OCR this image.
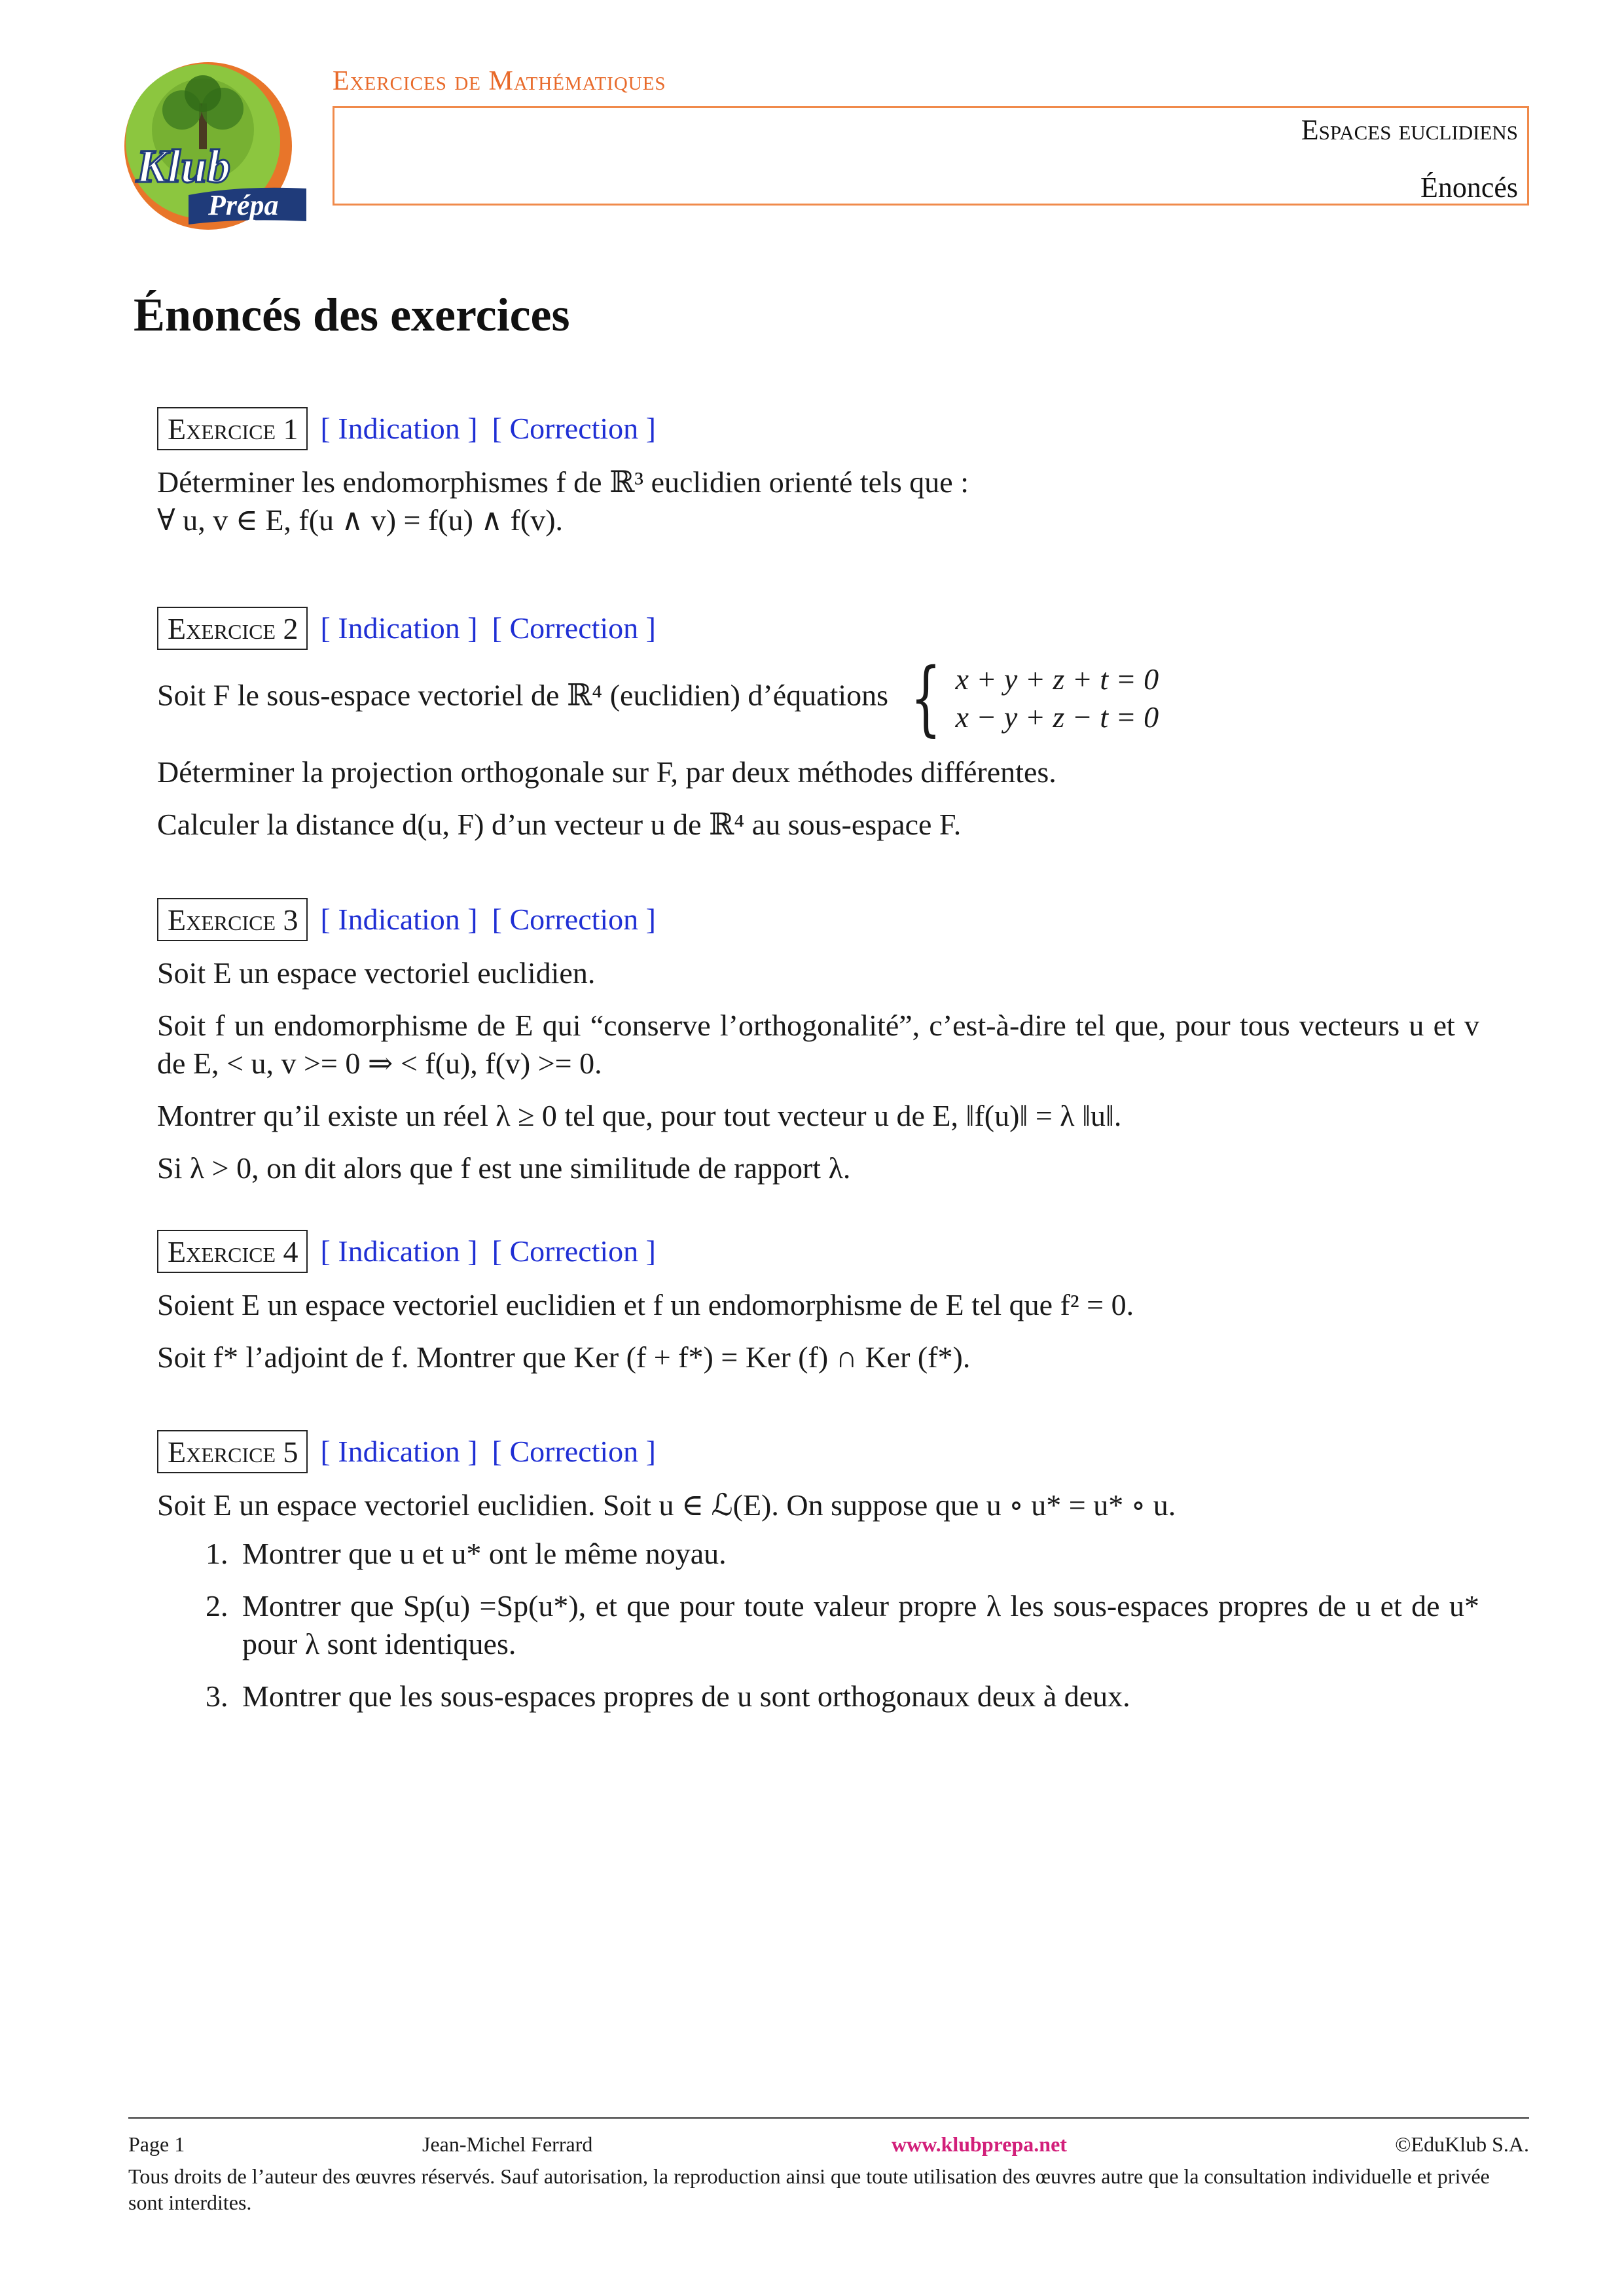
Klub
Prépa
Exercices de Mathématiques
Espaces euclidiens
Énoncés
Énoncés des exercices
Exercice 1 [ Indication ] [ Correction ]

Déterminer les endomorphismes f de ℝ³ euclidien orienté tels que :

∀ u, v ∈ E, f(u ∧ v) = f(u) ∧ f(v).

Exercice 2 [ Indication ] [ Correction ]

Soit F le sous-espace vectoriel de ℝ⁴ (euclidien) d’équations { x + y + z + t = 0
x − y + z − t = 0

Déterminer la projection orthogonale sur F, par deux méthodes différentes.

Calculer la distance d(u, F) d’un vecteur u de ℝ⁴ au sous-espace F.

Exercice 3 [ Indication ] [ Correction ]

Soit E un espace vectoriel euclidien.

Soit f un endomorphisme de E qui “conserve l’orthogonalité”, c’est-à-dire tel que, pour tous vecteurs u et v de E, < u, v >= 0 ⇒ < f(u), f(v) >= 0.

Montrer qu’il existe un réel λ ≥ 0 tel que, pour tout vecteur u de E, ‖f(u)‖ = λ ‖u‖.

Si λ > 0, on dit alors que f est une similitude de rapport λ.

Exercice 4 [ Indication ] [ Correction ]

Soient E un espace vectoriel euclidien et f un endomorphisme de E tel que f² = 0.

Soit f* l’adjoint de f. Montrer que Ker (f + f*) = Ker (f) ∩ Ker (f*).

Exercice 5 [ Indication ] [ Correction ]

Soit E un espace vectoriel euclidien. Soit u ∈ ℒ(E). On suppose que u ∘ u* = u* ∘ u.

1. Montrer que u et u* ont le même noyau.
2. Montrer que Sp(u) =Sp(u*), et que pour toute valeur propre λ les sous-espaces propres de u et de u* pour λ sont identiques.
3. Montrer que les sous-espaces propres de u sont orthogonaux deux à deux.
Page 1	Jean-Michel Ferrard	www.klubprepa.net	©EduKlub S.A.
Tous droits de l’auteur des œuvres réservés. Sauf autorisation, la reproduction ainsi que toute utilisation des œuvres autre que la consultation individuelle et privée sont interdites.
